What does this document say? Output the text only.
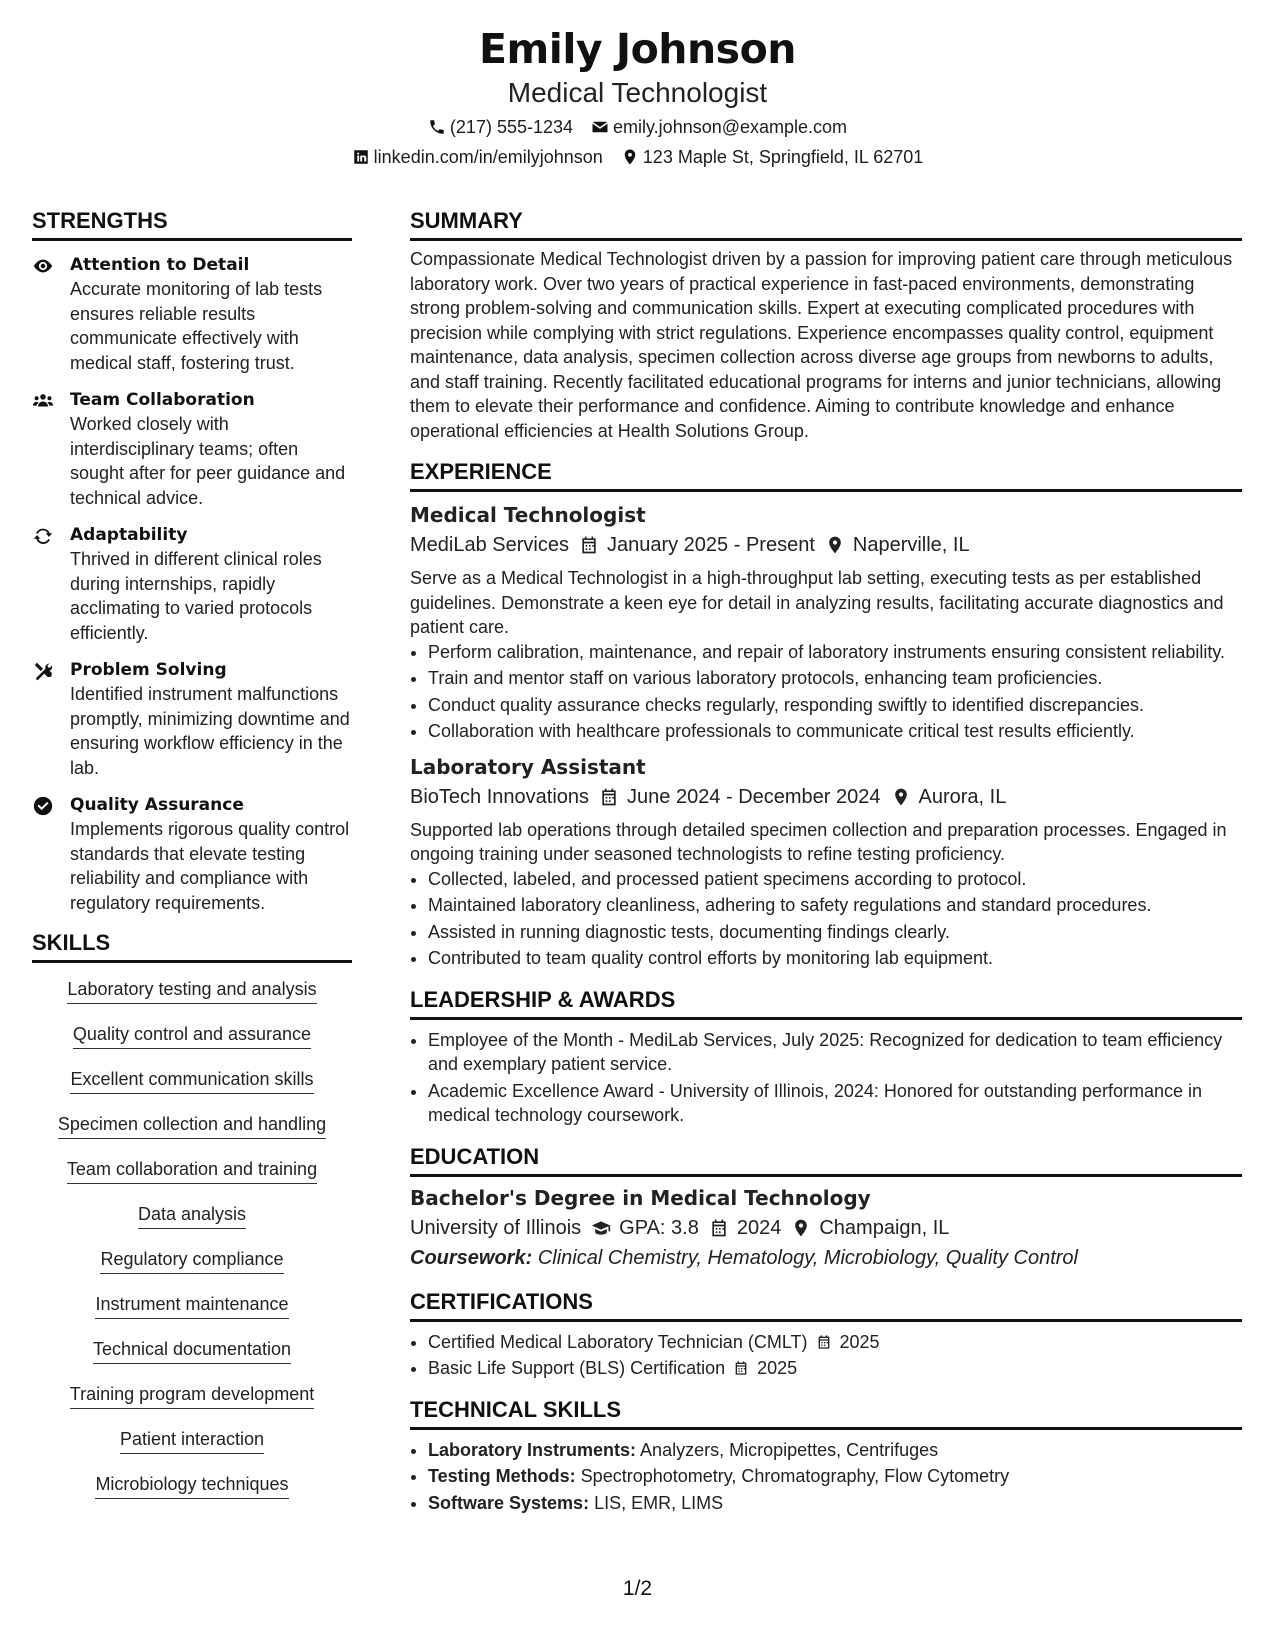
Emily Johnson
Medical Technologist
(217) 555-1234 emily.johnson@example.com
linkedin.com/in/emilyjohnson 123 Maple St, Springfield, IL 62701
STRENGTHS
Attention to Detail
Accurate monitoring of lab tests ensures reliable results communicate effectively with medical staff, fostering trust.
Team Collaboration
Worked closely with interdisciplinary teams; often sought after for peer guidance and technical advice.
Adaptability
Thrived in different clinical roles during internships, rapidly acclimating to varied protocols efficiently.
Problem Solving
Identified instrument malfunctions promptly, minimizing downtime and ensuring workflow efficiency in the lab.
Quality Assurance
Implements rigorous quality control standards that elevate testing reliability and compliance with regulatory requirements.
SKILLS
Laboratory testing and analysis
Quality control and assurance
Excellent communication skills
Specimen collection and handling
Team collaboration and training
Data analysis
Regulatory compliance
Instrument maintenance
Technical documentation
Training program development
Patient interaction
Microbiology techniques
SUMMARY
Compassionate Medical Technologist driven by a passion for improving patient care through meticulous laboratory work. Over two years of practical experience in fast-paced environments, demonstrating strong problem-solving and communication skills. Expert at executing complicated procedures with precision while complying with strict regulations. Experience encompasses quality control, equipment maintenance, data analysis, specimen collection across diverse age groups from newborns to adults, and staff training. Recently facilitated educational programs for interns and junior technicians, allowing them to elevate their performance and confidence. Aiming to contribute knowledge and enhance operational efficiencies at Health Solutions Group.
EXPERIENCE
Medical Technologist
MediLab Services January 2025 - Present Naperville, IL
Serve as a Medical Technologist in a high-throughput lab setting, executing tests as per established guidelines. Demonstrate a keen eye for detail in analyzing results, facilitating accurate diagnostics and patient care.
• Perform calibration, maintenance, and repair of laboratory instruments ensuring consistent reliability.
• Train and mentor staff on various laboratory protocols, enhancing team proficiencies.
• Conduct quality assurance checks regularly, responding swiftly to identified discrepancies.
• Collaboration with healthcare professionals to communicate critical test results efficiently.
Laboratory Assistant
BioTech Innovations June 2024 - December 2024 Aurora, IL
Supported lab operations through detailed specimen collection and preparation processes. Engaged in ongoing training under seasoned technologists to refine testing proficiency.
• Collected, labeled, and processed patient specimens according to protocol.
• Maintained laboratory cleanliness, adhering to safety regulations and standard procedures.
• Assisted in running diagnostic tests, documenting findings clearly.
• Contributed to team quality control efforts by monitoring lab equipment.
LEADERSHIP & AWARDS
• Employee of the Month - MediLab Services, July 2025: Recognized for dedication to team efficiency and exemplary patient service.
• Academic Excellence Award - University of Illinois, 2024: Honored for outstanding performance in medical technology coursework.
EDUCATION
Bachelor's Degree in Medical Technology
University of Illinois GPA: 3.8 2024 Champaign, IL
Coursework: Clinical Chemistry, Hematology, Microbiology, Quality Control
CERTIFICATIONS
• Certified Medical Laboratory Technician (CMLT) 2025
• Basic Life Support (BLS) Certification 2025
TECHNICAL SKILLS
• Laboratory Instruments: Analyzers, Micropipettes, Centrifuges
• Testing Methods: Spectrophotometry, Chromatography, Flow Cytometry
• Software Systems: LIS, EMR, LIMS
1/2
